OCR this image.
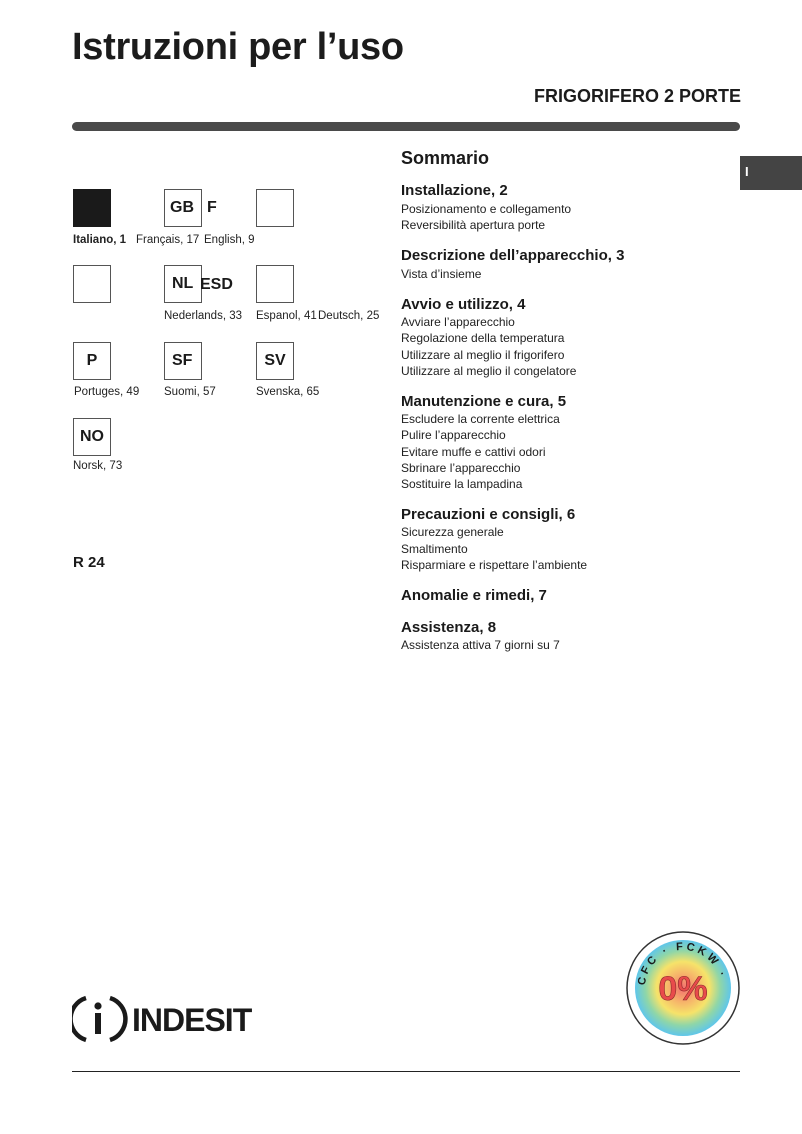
Istruzioni per l’uso
FRIGORIFERO 2 PORTE
I
GB F
Italiano, 1 Français, 17 English, 9
NL ESD
Nederlands, 33 Espanol, 41 Deutsch, 25
P	SF	SV
Portuges, 49 Suomi, 57	Svenska, 65
NO
Norsk, 73
R 24
Sommario
Installazione, 2
Posizionamento e collegamento
Reversibilità apertura porte
Descrizione dell’apparecchio, 3
Vista d’insieme
Avvio e utilizzo, 4
Avviare l’apparecchio
Regolazione della temperatura
Utilizzare al meglio il frigorifero
Utilizzare al meglio il congelatore
Manutenzione e cura, 5
Escludere la corrente elettrica
Pulire l’apparecchio
Evitare muffe e cattivi odori
Sbrinare l’apparecchio
Sostituire la lampadina
Precauzioni e consigli, 6
Sicurezza generale
Smaltimento
Risparmiare e rispettare l’ambiente
Anomalie e rimedi, 7
Assistenza, 8
Assistenza attiva 7 giorni su 7
INDESIT
CFC · FCKW ·
0%
